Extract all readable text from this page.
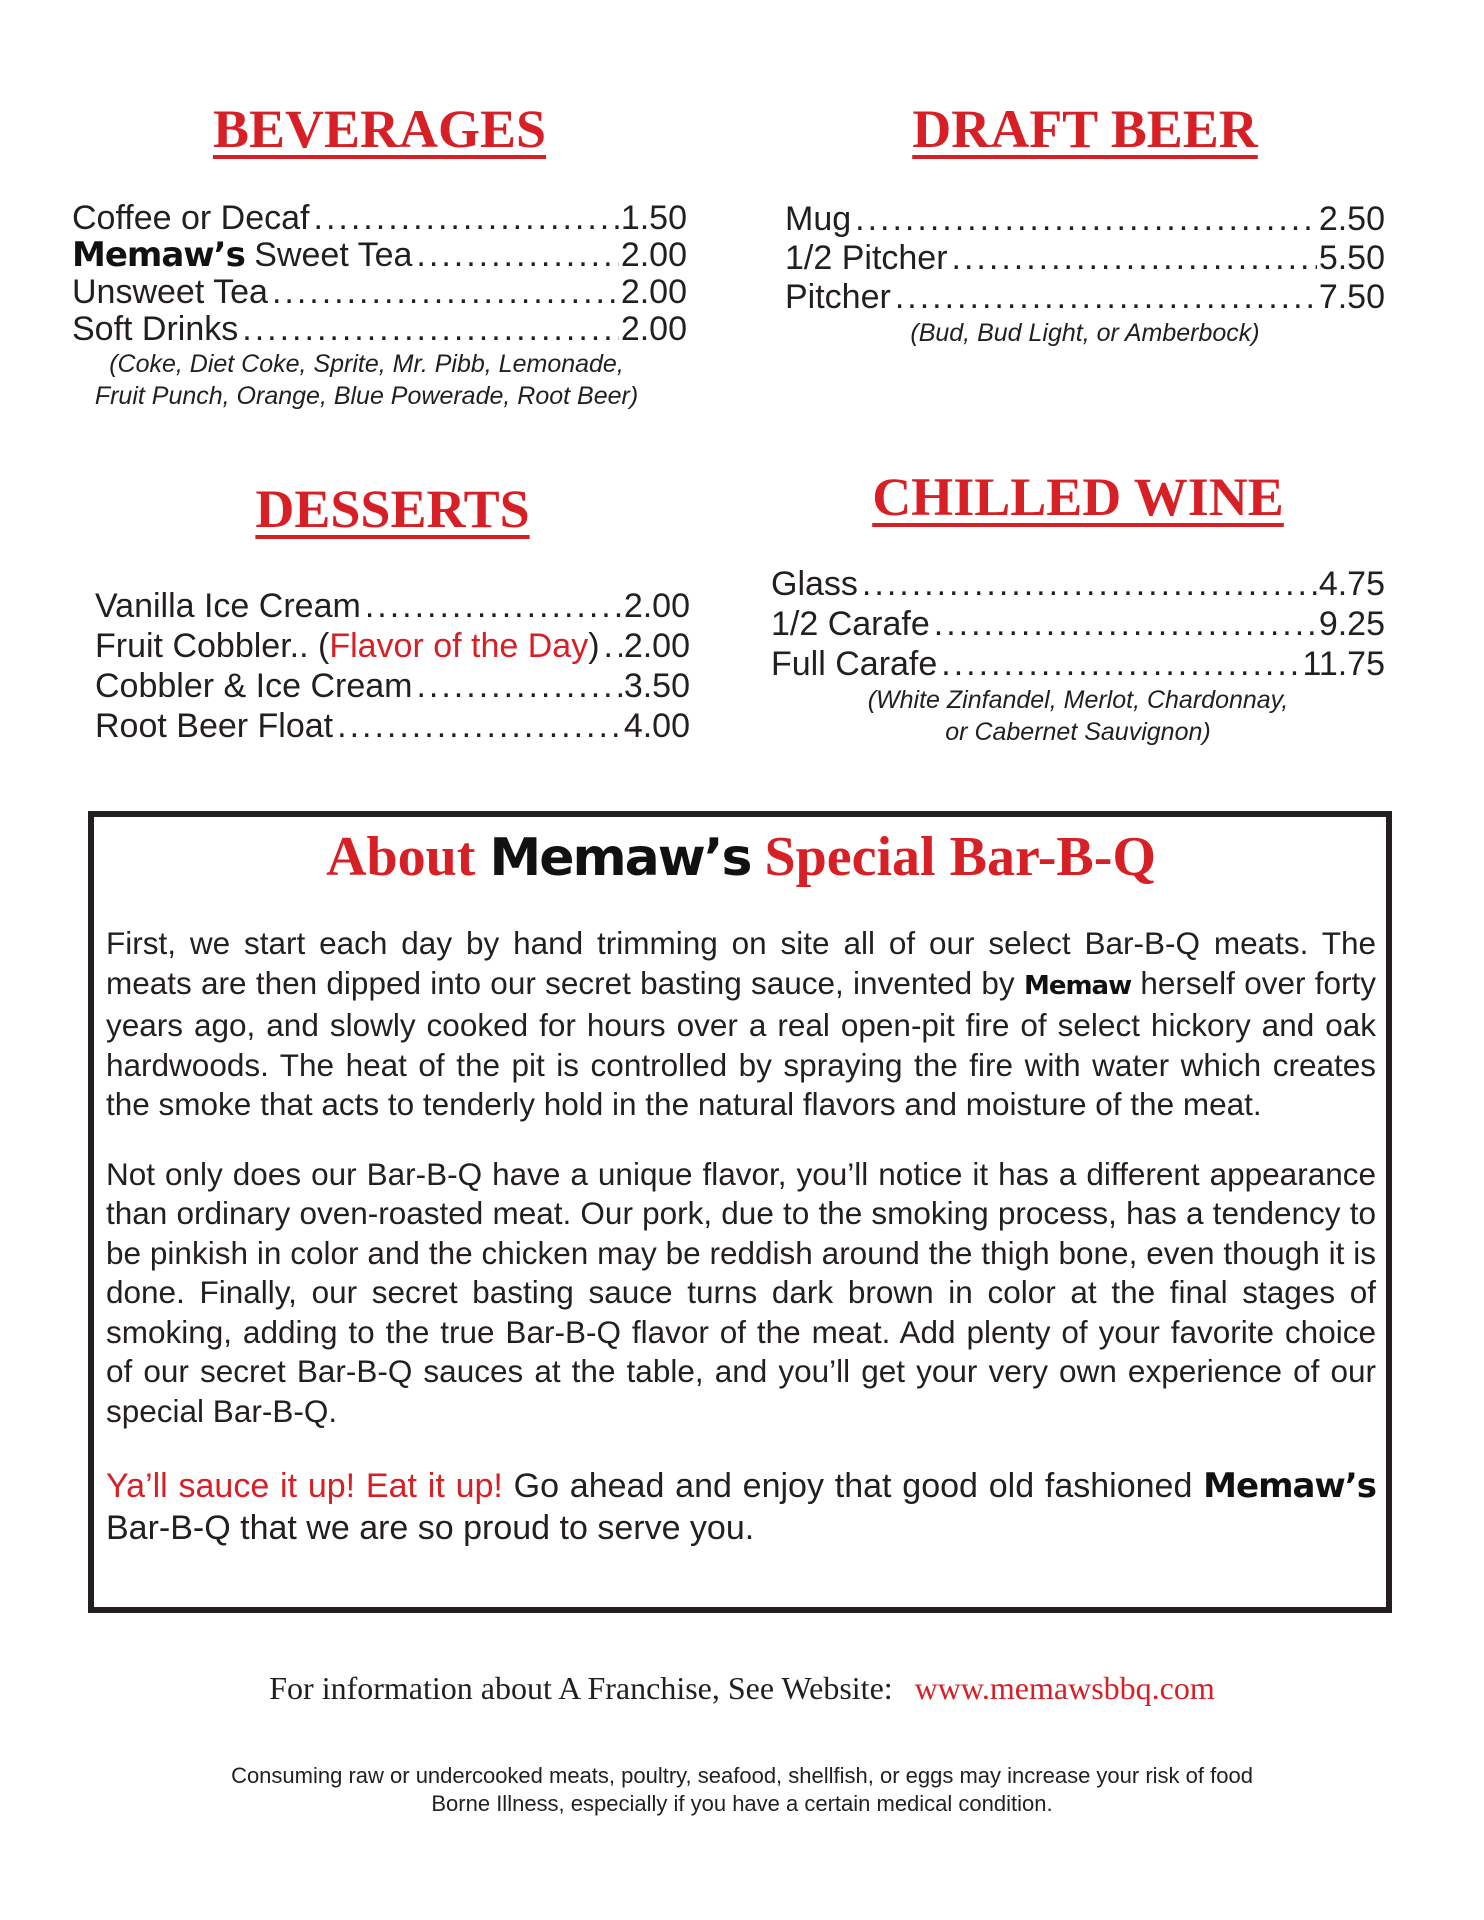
BEVERAGES
Coffee or Decaf .....	1.50
Memaw’s Sweet Tea .....	2.00
Unsweet Tea .....	2.00
Soft Drinks .....	2.00
(Coke, Diet Coke, Sprite, Mr. Pibb, Lemonade, Fruit Punch, Orange, Blue Powerade, Root Beer)
DRAFT BEER
Mug .....	2.50
1/2 Pitcher .....	5.50
Pitcher .....	7.50
(Bud, Bud Light, or Amberbock)
DESSERTS
Vanilla Ice Cream .....	2.00
Fruit Cobbler.. (Flavor of the Day) ..... 2.00
Cobbler & Ice Cream .....	3.50
Root Beer Float .....	4.00
CHILLED WINE
Glass .....	4.75
1/2 Carafe .....	9.25
Full Carafe .....	11.75
(White Zinfandel, Merlot, Chardonnay,
or Cabernet Sauvignon)
About Memaw’s Special Bar-B-Q

First, we start each day by hand trimming on site all of our select Bar-B-Q meats. The meats are then dipped into our secret basting sauce, invented by Memaw herself over forty years ago, and slowly cooked for hours over a real open-pit fire of select hickory and oak hardwoods. The heat of the pit is controlled by spraying the fire with water which creates the smoke that acts to tenderly hold in the natural flavors and moisture of the meat.

Not only does our Bar-B-Q have a unique flavor, you’ll notice it has a different appearance than ordinary oven-roasted meat. Our pork, due to the smoking process, has a tendency to be pinkish in color and the chicken may be reddish around the thigh bone, even though it is done. Finally, our secret basting sauce turns dark brown in color at the final stages of smoking, adding to the true Bar-B-Q flavor of the meat. Add plenty of your favorite choice of our secret Bar-B-Q sauces at the table, and you’ll get your very own experience of our special Bar-B-Q.

Ya’ll sauce it up! Eat it up! Go ahead and enjoy that good old fashioned Memaw’s Bar-B-Q that we are so proud to serve you.

For information about A Franchise, See Website: www.memawsbbq.com
Consuming raw or undercooked meats, poultry, seafood, shellfish, or eggs may increase your risk of food
Borne Illness, especially if you have a certain medical condition.
